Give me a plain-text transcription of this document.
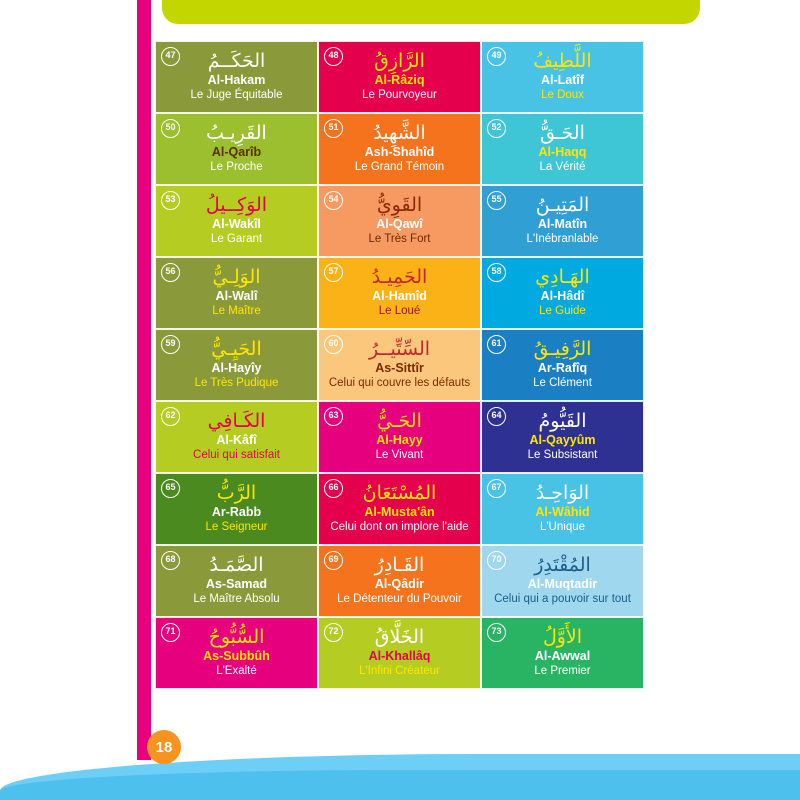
47 الحَكَــمُ
Al-Hakam
Le Juge Équitable
48 الرَّازِقُ
Al-Râziq
Le Pourvoyeur
49 اللَّطِيفُ
Al-Latîf
Le Doux
50 القَرِيـبُ
Al-Qarîb
Le Proche
51 الشَّهِيدُ
Ash-Shahîd
Le Grand Témoin
52 الحَـقُّ
Al-Haqq
La Vérité
53 الوَكِــيلُ
Al-Wakîl
Le Garant
54 القَوِيُّ
Al-Qawî
Le Très Fort
55 المَتِيـنُ
Al-Matîn
L'Inébranlable
56 الوَلِـيُّ
Al-Walî
Le Maître
57 الحَمِيـدُ
Al-Hamîd
Le Loué
58 الهَـادِي
Al-Hâdî
Le Guide
59 الحَيِـيُّ
Al-Hayîy
Le Très Pudique
60 السِّتِّيــرُ
As-Sittîr
Celui qui couvre les défauts
61 الرَّفِيـقُ
Ar-Rafîq
Le Clément
62 الكَـافِي
Al-Kâfî
Celui qui satisfait
63 الحَـيُّ
Al-Hayy
Le Vivant
64 القَيُّومُ
Al-Qayyûm
Le Subsistant
65 الرَّبُّ
Ar-Rabb
Le Seigneur
66 المُسْتَعَانُ
Al-Musta'ân
Celui dont on implore l'aide
67 الوَاحِـدُ
Al-Wâhid
L'Unique
68 الصَّمَـدُ
As-Samad
Le Maître Absolu
69 القَـادِرُ
Al-Qâdir
Le Détenteur du Pouvoir
70 المُقْتَدِرُ
Al-Muqtadir
Celui qui a pouvoir sur tout
71 السُّبُّوحُ
As-Subbûh
L'Exalté
72 الخَلَّاقُ
Al-Khallâq
L'Infini Créateur
73 الأَوَّلُ
Al-Awwal
Le Premier
18
